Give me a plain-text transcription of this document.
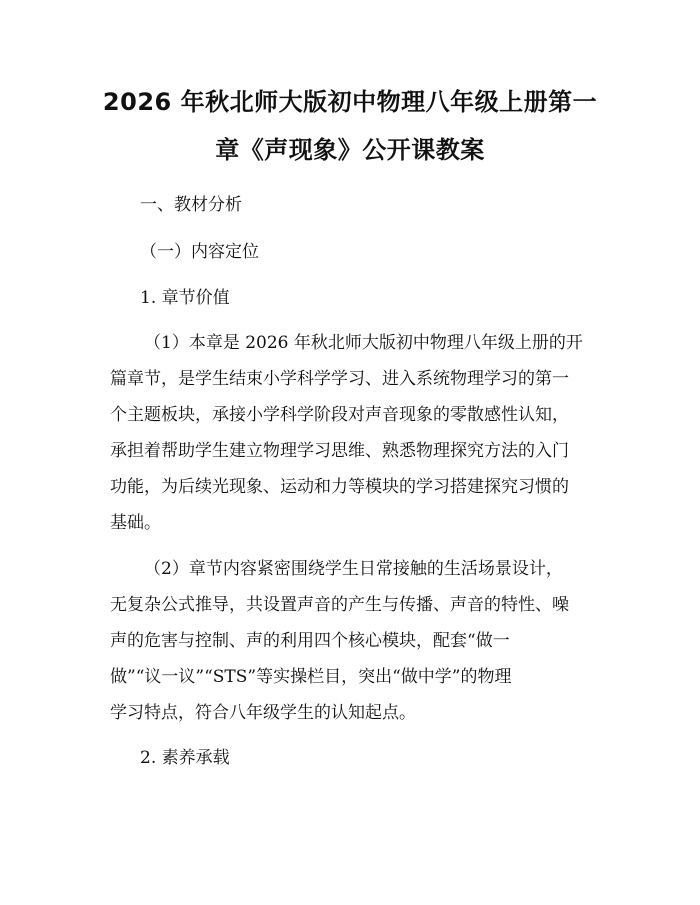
2026 年秋北师大版初中物理八年级上册第一
章《声现象》公开课教案
一、教材分析
（一）内容定位
1. 章节价值
（1）本章是 2026 年秋北师大版初中物理八年级上册的开
篇章节，是学生结束小学科学学习、进入系统物理学习的第一
个主题板块，承接小学科学阶段对声音现象的零散感性认知，
承担着帮助学生建立物理学习思维、熟悉物理探究方法的入门
功能，为后续光现象、运动和力等模块的学习搭建探究习惯的
基础。
（2）章节内容紧密围绕学生日常接触的生活场景设计，
无复杂公式推导，共设置声音的产生与传播、声音的特性、噪
声的危害与控制、声的利用四个核心模块，配套“做一
做”“议一议”“STS”等实操栏目，突出“做中学”的物理
学习特点，符合八年级学生的认知起点。
2. 素养承载
